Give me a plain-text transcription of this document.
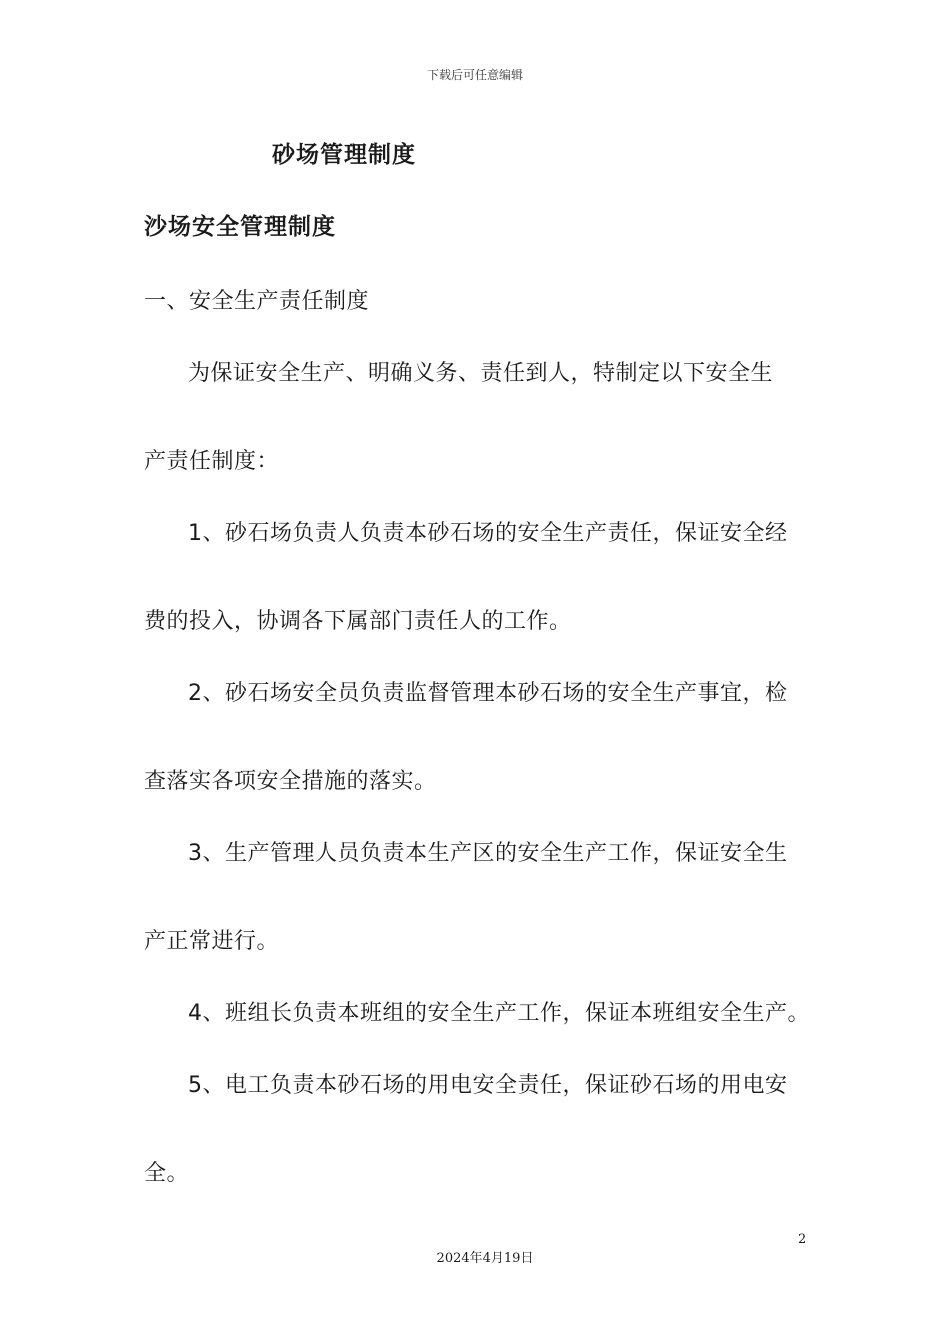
下载后可任意编辑
砂场管理制度
沙场安全管理制度
一、安全生产责任制度
为保证安全生产、明确义务、责任到人，特制定以下安全生
产责任制度：
1、砂石场负责人负责本砂石场的安全生产责任，保证安全经
费的投入，协调各下属部门责任人的工作。
2、砂石场安全员负责监督管理本砂石场的安全生产事宜，检
查落实各项安全措施的落实。
3、生产管理人员负责本生产区的安全生产工作，保证安全生
产正常进行。
4、班组长负责本班组的安全生产工作，保证本班组安全生产。
5、电工负责本砂石场的用电安全责任，保证砂石场的用电安
全。
2
2024年4月19日
